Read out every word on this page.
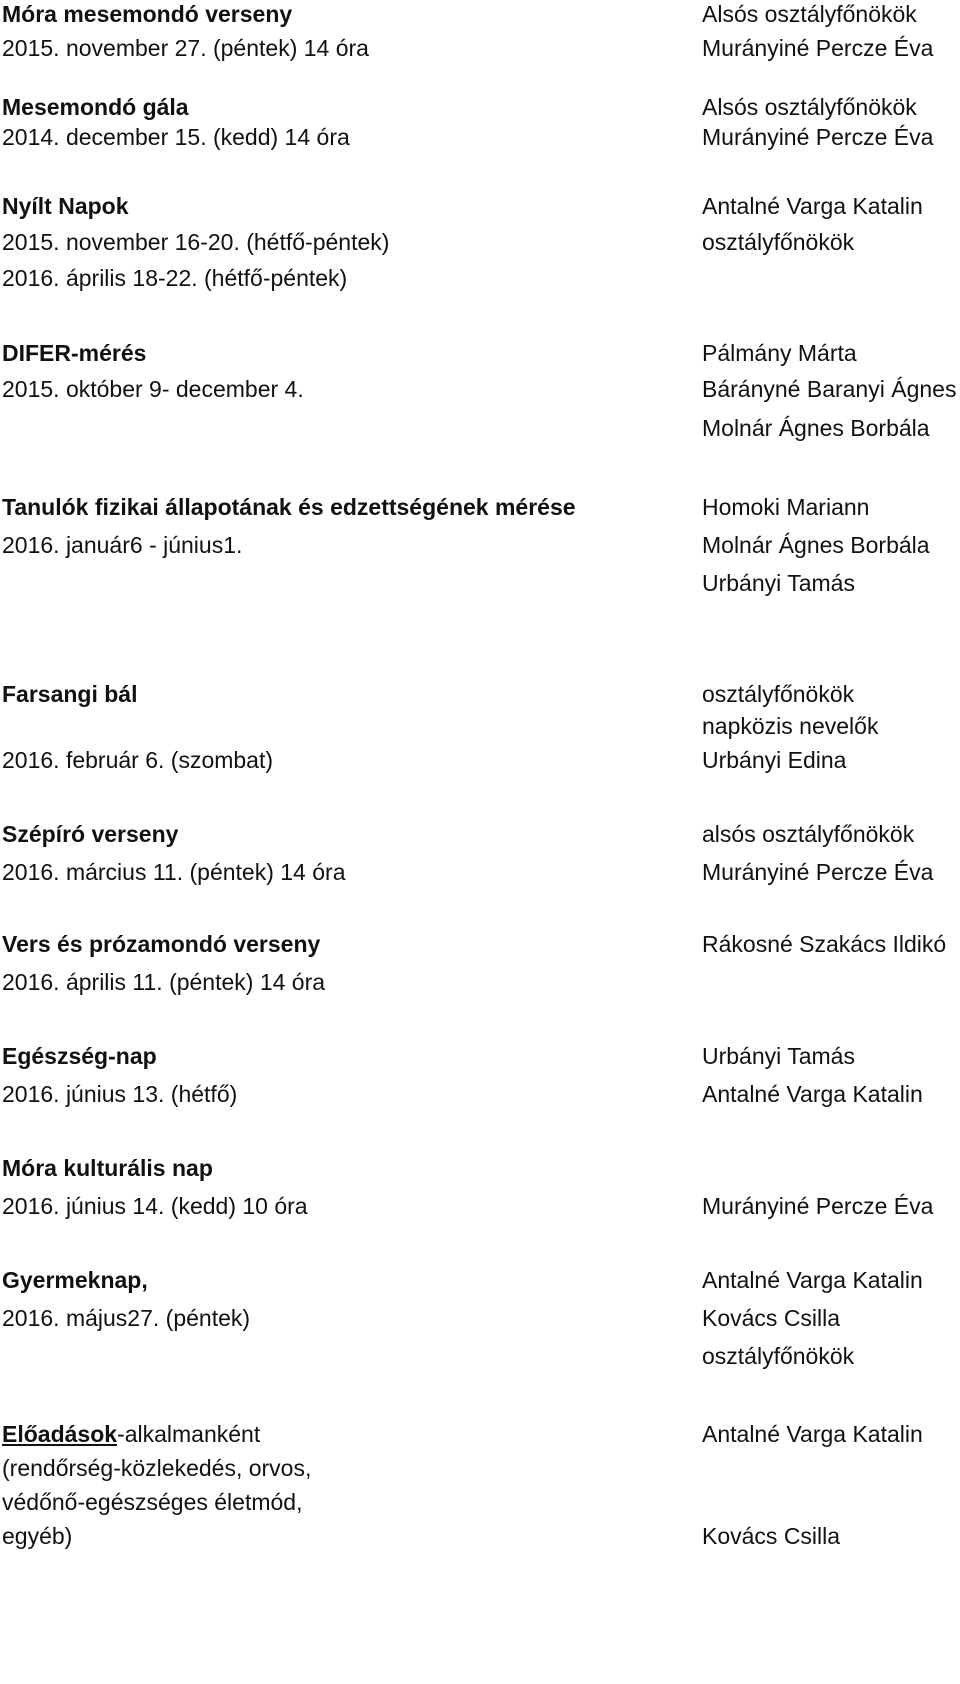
Móra mesemondó verseny

2015. november 27. (péntek) 14 óra

Alsós osztályfőnökök

Murányiné Percze Éva

Mesemondó gála

2014. december 15. (kedd) 14 óra

Alsós osztályfőnökök

Murányiné Percze Éva

Nyílt Napok

2015. november 16-20. (hétfő-péntek)

2016. április 18-22. (hétfő-péntek)

Antalné Varga Katalin

osztályfőnökök

DIFER-mérés

2015. október 9- december 4.

Pálmány Márta

Bárányné Baranyi Ágnes

Molnár Ágnes Borbála

Tanulók fizikai állapotának és edzettségének mérése

2016. január6 - június1.

Homoki Mariann

Molnár Ágnes Borbála

Urbányi Tamás

Farsangi bál

2016. február 6. (szombat)

osztályfőnökök

napközis nevelők

Urbányi Edina

Szépíró verseny

2016. március 11. (péntek) 14 óra

alsós osztályfőnökök

Murányiné Percze Éva

Vers és prózamondó verseny

2016. április 11. (péntek) 14 óra

Rákosné Szakács Ildikó

Egészség-nap

2016. június 13. (hétfő)

Urbányi Tamás

Antalné Varga Katalin

Móra kulturális nap

2016. június 14. (kedd) 10 óra	Murányiné Percze Éva

Gyermeknap,

2016. május27. (péntek)

Antalné Varga Katalin

Kovács Csilla

osztályfőnökök

Előadások-alkalmanként

(rendőrség-közlekedés, orvos,

védőnő-egészséges életmód,

egyéb)

Antalné Varga Katalin

Kovács Csilla
